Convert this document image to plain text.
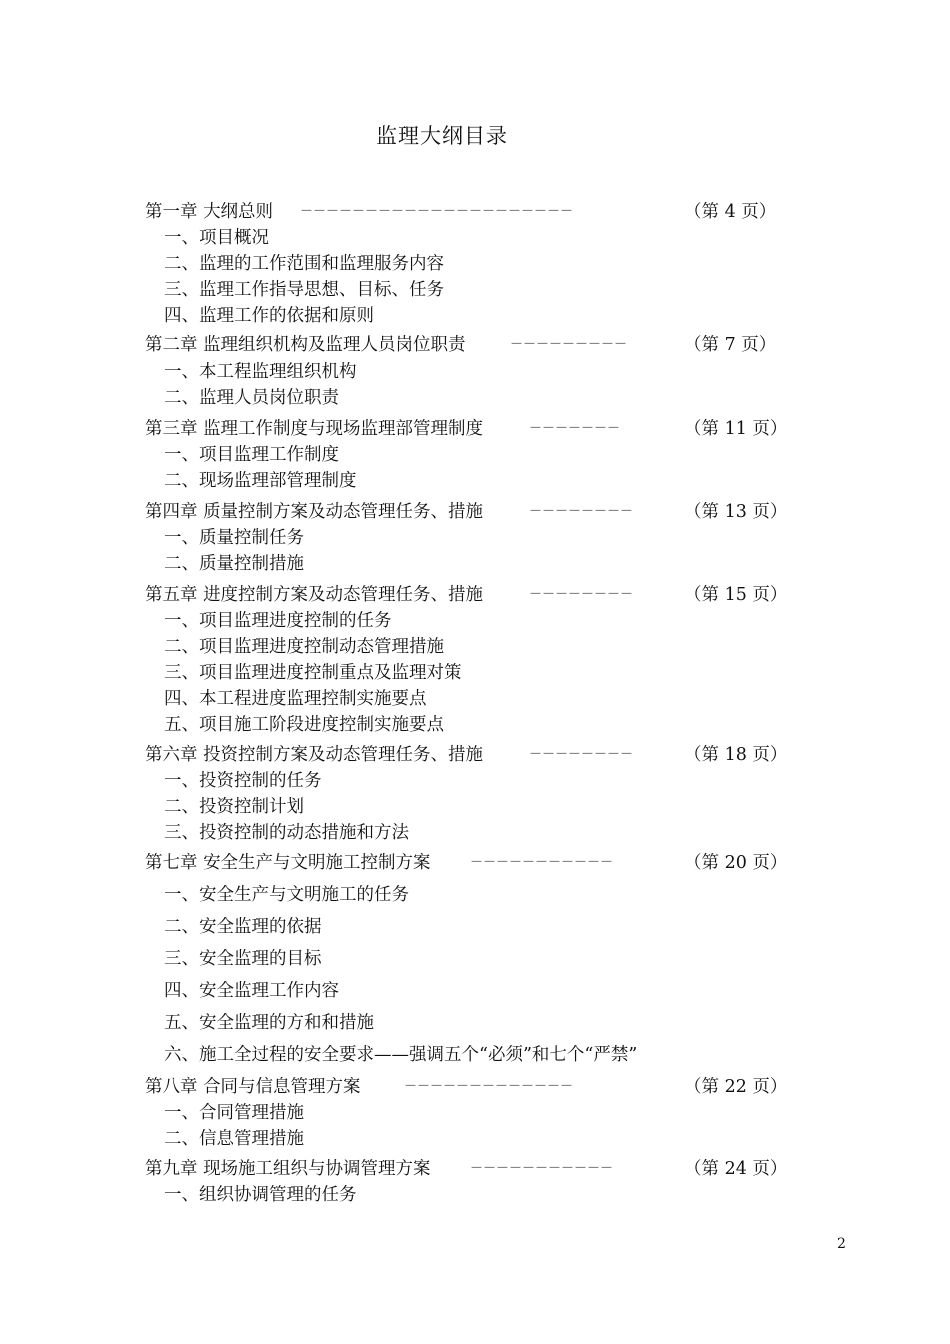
监理大纲目录
第一章 大纲总则 －－－－－－－－－－－－－－－－－－－－－	（第 4 页）
一、项目概况
二、监理的工作范围和监理服务内容
三、监理工作指导思想、目标、任务
四、监理工作的依据和原则
第二章 监理组织机构及监理人员岗位职责	－－－－－－－－－	（第 7 页）
一、本工程监理组织机构
二、监理人员岗位职责
第三章 监理工作制度与现场监理部管理制度	－－－－－－－	（第 11 页）
一、项目监理工作制度
二、现场监理部管理制度
第四章 质量控制方案及动态管理任务、措施	－－－－－－－－	（第 13 页）
一、质量控制任务
二、质量控制措施
第五章 进度控制方案及动态管理任务、措施	－－－－－－－－	（第 15 页）
一、项目监理进度控制的任务
二、项目监理进度控制动态管理措施
三、项目监理进度控制重点及监理对策
四、本工程进度监理控制实施要点
五、项目施工阶段进度控制实施要点
第六章 投资控制方案及动态管理任务、措施	－－－－－－－－	（第 18 页）
一、投资控制的任务
二、投资控制计划
三、投资控制的动态措施和方法
第七章 安全生产与文明施工控制方案	－－－－－－－－－－－	（第 20 页）
一、安全生产与文明施工的任务
二、安全监理的依据
三、安全监理的目标
四、安全监理工作内容
五、安全监理的方和和措施
六、施工全过程的安全要求——强调五个“必须”和七个“严禁”
第八章 合同与信息管理方案	－－－－－－－－－－－－－	（第 22 页）
一、合同管理措施
二、信息管理措施
第九章 现场施工组织与协调管理方案	－－－－－－－－－－－	（第 24 页）
一、组织协调管理的任务
2
